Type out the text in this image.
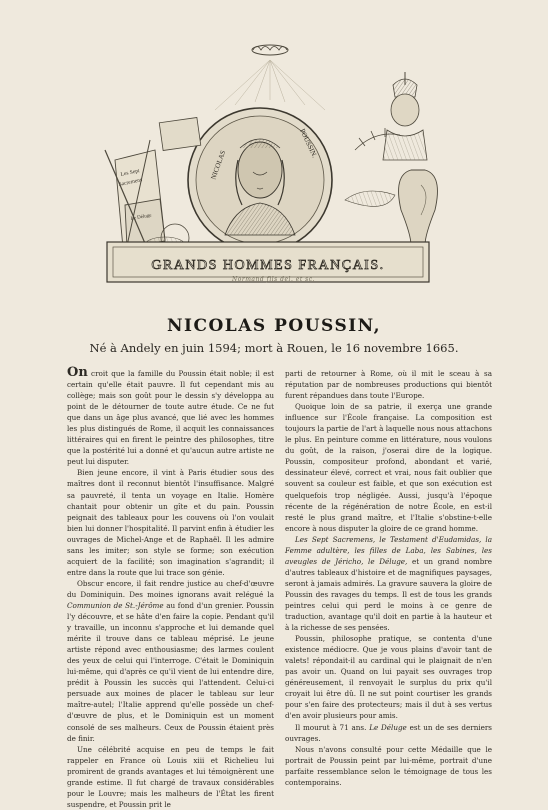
NICOLAS
POUSSIN.
Les Sept
Sacremens
Le Déluge
GRANDS HOMMES FRANÇAIS.
Normand fils del. et sc.
NICOLAS POUSSIN,
Né à Andely en juin 1594; mort à Rouen, le 16 novembre 1665.

On croit que la famille du Poussin était noble; il est certain qu'elle était pauvre. Il fut cependant mis au collège; mais son goût pour le dessin s'y développa au point de le détourner de toute autre étude. Ce ne fut que dans un âge plus avancé, que lié avec les hommes les plus distingués de Rome, il acquit les connaissances littéraires qui en firent le peintre des philosophes, titre que la postérité lui a donné et qu'aucun autre artiste ne peut lui disputer.

Bien jeune encore, il vint à Paris étudier sous des maîtres dont il reconnut bientôt l'insuffisance. Malgré sa pauvreté, il tenta un voyage en Italie. Homère chantait pour obtenir un gîte et du pain. Poussin peignait des tableaux pour les couvens où l'on voulait bien lui donner l'hospitalité. Il parvint enfin à étudier les ouvrages de Michel-Ange et de Raphaël. Il les admire sans les imiter; son style se forme; son exécution acquiert de la facilité; son imagination s'agrandit; il entre dans la route que lui trace son génie.

Obscur encore, il fait rendre justice au chef-d'œuvre du Dominiquin. Des moines ignorans avait relégué la Communion de St.-Jérôme au fond d'un grenier. Poussin l'y découvre, et se hâte d'en faire la copie. Pendant qu'il y travaille, un inconnu s'approche et lui demande quel mérite il trouve dans ce tableau méprisé. Le jeune artiste répond avec enthousiasme; des larmes coulent des yeux de celui qui l'interroge. C'était le Dominiquin lui-même, qui d'après ce qu'il vient de lui entendre dire, prédit à Poussin les succès qui l'attendent. Celui-ci persuade aux moines de placer le tableau sur leur maître-autel; l'Italie apprend qu'elle possède un chef-d'œuvre de plus, et le Dominiquin est un moment consolé de ses malheurs. Ceux de Poussin étaient près de finir.

Une célébrité acquise en peu de temps le fait rappeler en France où Louis xiii et Richelieu lui promirent de grands avantages et lui témoignèrent une grande estime. Il fut chargé de travaux considérables pour le Louvre; mais les malheurs de l'État les firent suspendre, et Poussin prit le

parti de retourner à Rome, où il mit le sceau à sa réputation par de nombreuses productions qui bientôt furent répandues dans toute l'Europe.

Quoique loin de sa patrie, il exerça une grande influence sur l'École française. La composition est toujours la partie de l'art à laquelle nous nous attachons le plus. En peinture comme en littérature, nous voulons du goût, de la raison, j'oserai dire de la logique. Poussin, compositeur profond, abondant et varié, dessinateur élevé, correct et vrai, nous fait oublier que souvent sa couleur est faible, et que son exécution est quelquefois trop négligée. Aussi, jusqu'à l'époque récente de la régénération de notre École, en est-il resté le plus grand maître, et l'Italie s'obstine-t-elle encore à nous disputer la gloire de ce grand homme.

Les Sept Sacremens, le Testament d'Eudamidas, la Femme adultère, les filles de Laba, les Sabines, les aveugles de Jéricho, le Déluge, et un grand nombre d'autres tableaux d'histoire et de magnifiques paysages, seront à jamais admirés. La gravure sauvera la gloire de Poussin des ravages du temps. Il est de tous les grands peintres celui qui perd le moins à ce genre de traduction, avantage qu'il doit en partie à la hauteur et à la richesse de ses pensées.

Poussin, philosophe pratique, se contenta d'une existence médiocre. Que je vous plains d'avoir tant de valets! répondait-il au cardinal qui le plaignait de n'en pas avoir un. Quand on lui payait ses ouvrages trop généreusement, il renvoyait le surplus du prix qu'il croyait lui être dû. Il ne sut point courtiser les grands pour s'en faire des protecteurs; mais il dut à ses vertus d'en avoir plusieurs pour amis.

Il mourut à 71 ans. Le Déluge est un de ses derniers ouvrages.

Nous n'avons consulté pour cette Médaille que le portrait de Poussin peint par lui-même, portrait d'une parfaite ressemblance selon le témoignage de tous les contemporains.
